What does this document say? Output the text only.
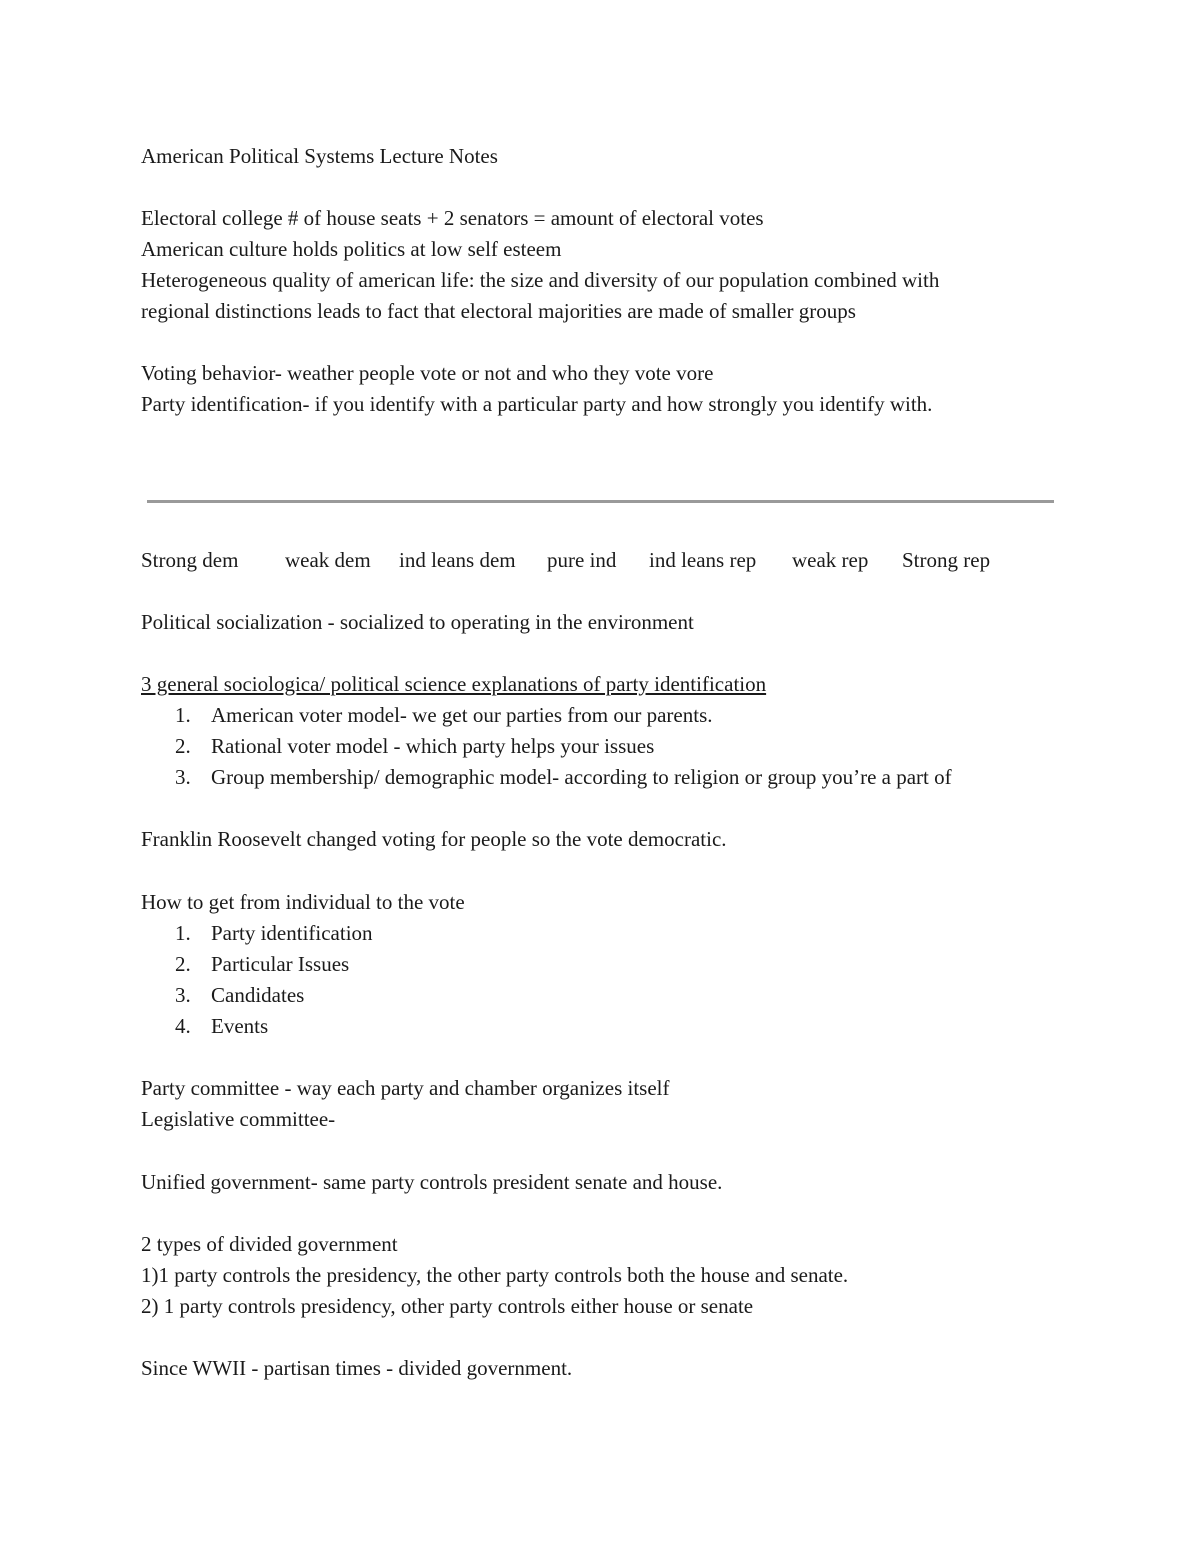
American Political Systems Lecture Notes
Electoral college # of house seats + 2 senators = amount of electoral votes
American culture holds politics at low self esteem
Heterogeneous quality of american life: the size and diversity of our population combined with
regional distinctions leads to fact that electoral majorities are made of smaller groups
Voting behavior- weather people vote or not and who they vote vore
Party identification- if you identify with a particular party and how strongly you identify with.
Strong dem weak dem ind leans dem pure ind ind leans rep weak rep Strong rep
Political socialization - socialized to operating in the environment
3 general sociologica/ political science explanations of party identification
1. American voter model- we get our parties from our parents.
2. Rational voter model - which party helps your issues
3. Group membership/ demographic model- according to religion or group you’re a part of
Franklin Roosevelt changed voting for people so the vote democratic.
How to get from individual to the vote
1. Party identification
2. Particular Issues
3. Candidates
4. Events
Party committee - way each party and chamber organizes itself
Legislative committee-
Unified government- same party controls president senate and house.
2 types of divided government
1)1 party controls the presidency, the other party controls both the house and senate.
2) 1 party controls presidency, other party controls either house or senate
Since WWII - partisan times - divided government.
